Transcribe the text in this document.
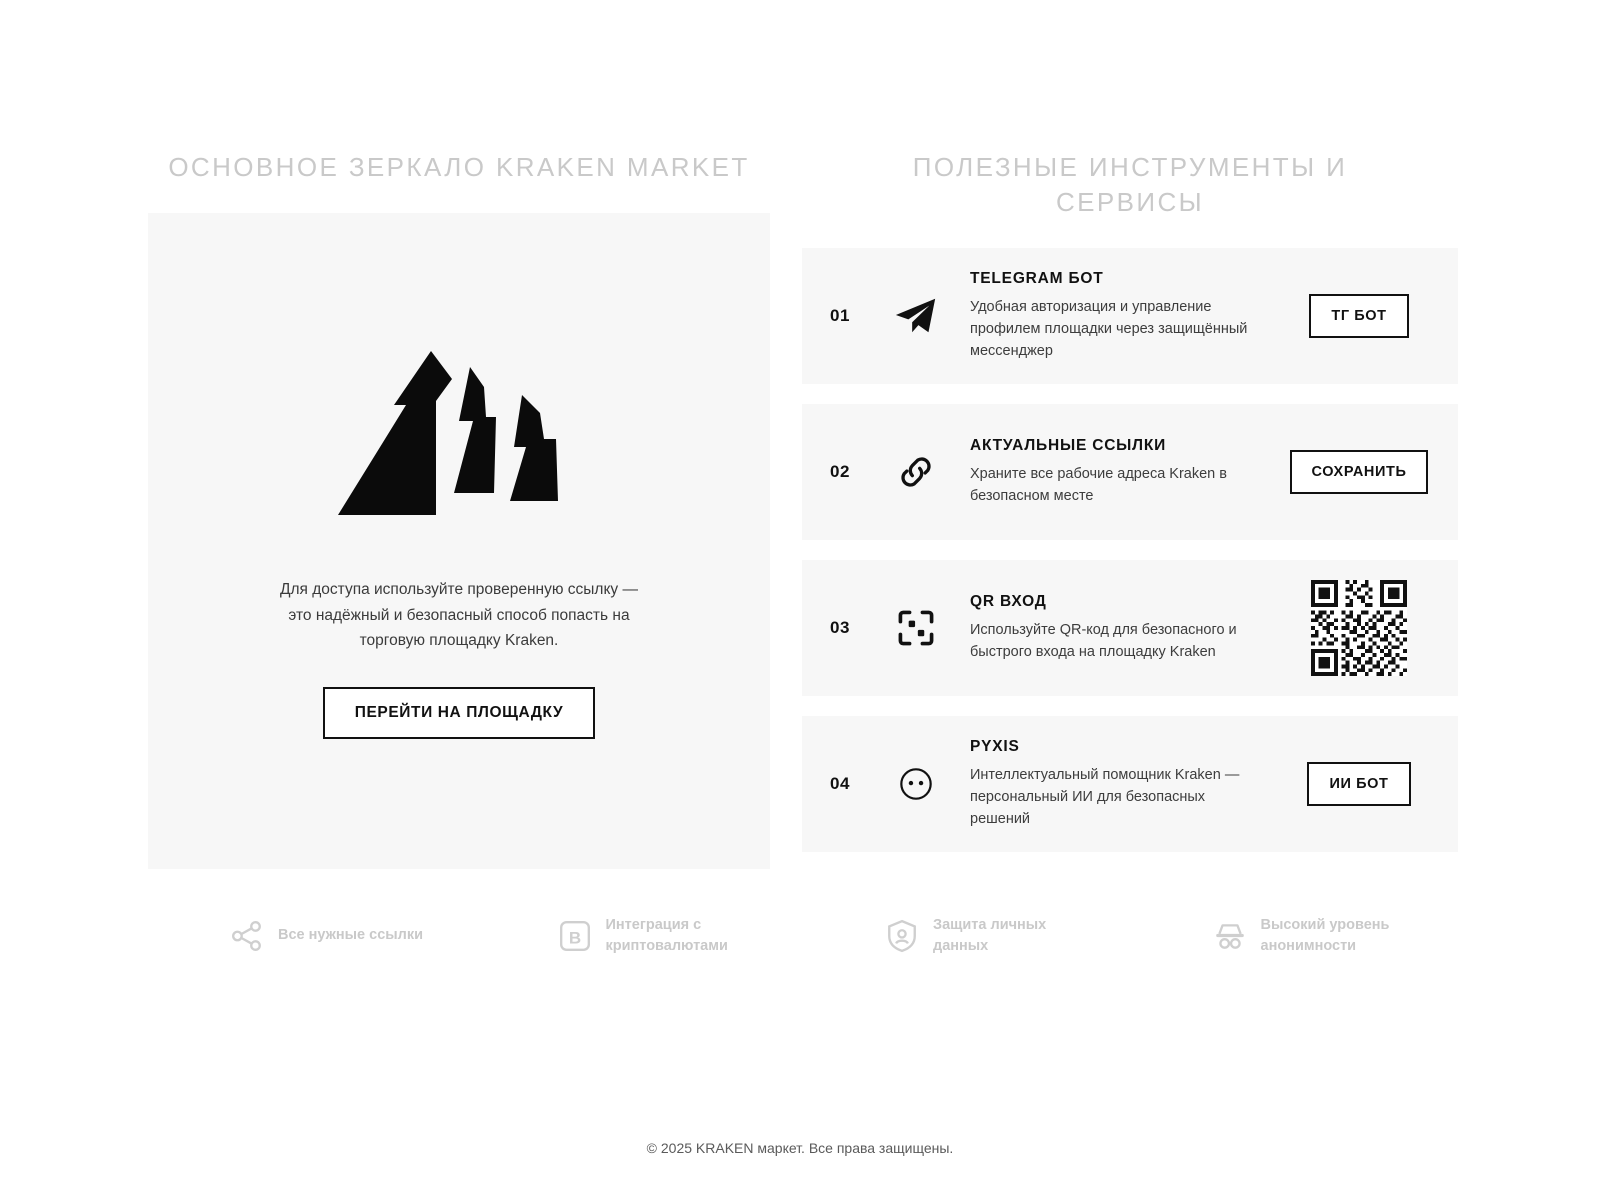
ОСНОВНОЕ ЗЕРКАЛО KRAKEN MARKET

Для доступа используйте проверенную ссылку — это надёжный и безопасный способ попасть на торговую площадку Kraken.

ПЕРЕЙТИ НА ПЛОЩАДКУ
ПОЛЕЗНЫЕ ИНСТРУМЕНТЫ И СЕРВИСЫ
01
TELEGRAM БОТ
Удобная авторизация и управление профилем площадки через защищённый мессенджер
ТГ БОТ
02
АКТУАЛЬНЫЕ ССЫЛКИ
Храните все рабочие адреса Kraken в безопасном месте
СОХРАНИТЬ
03
QR ВХОД
Используйте QR-код для безопасного и быстрого входа на площадку Kraken
04
PYXIS
Интеллектуальный помощник Kraken — персональный ИИ для безопасных решений
ИИ БОТ
Все нужные ссылки	B
Интеграция с криптовалютами
Защита личных данных
Высокий уровень анонимности
© 2025 KRAKEN маркет. Все права защищены.
